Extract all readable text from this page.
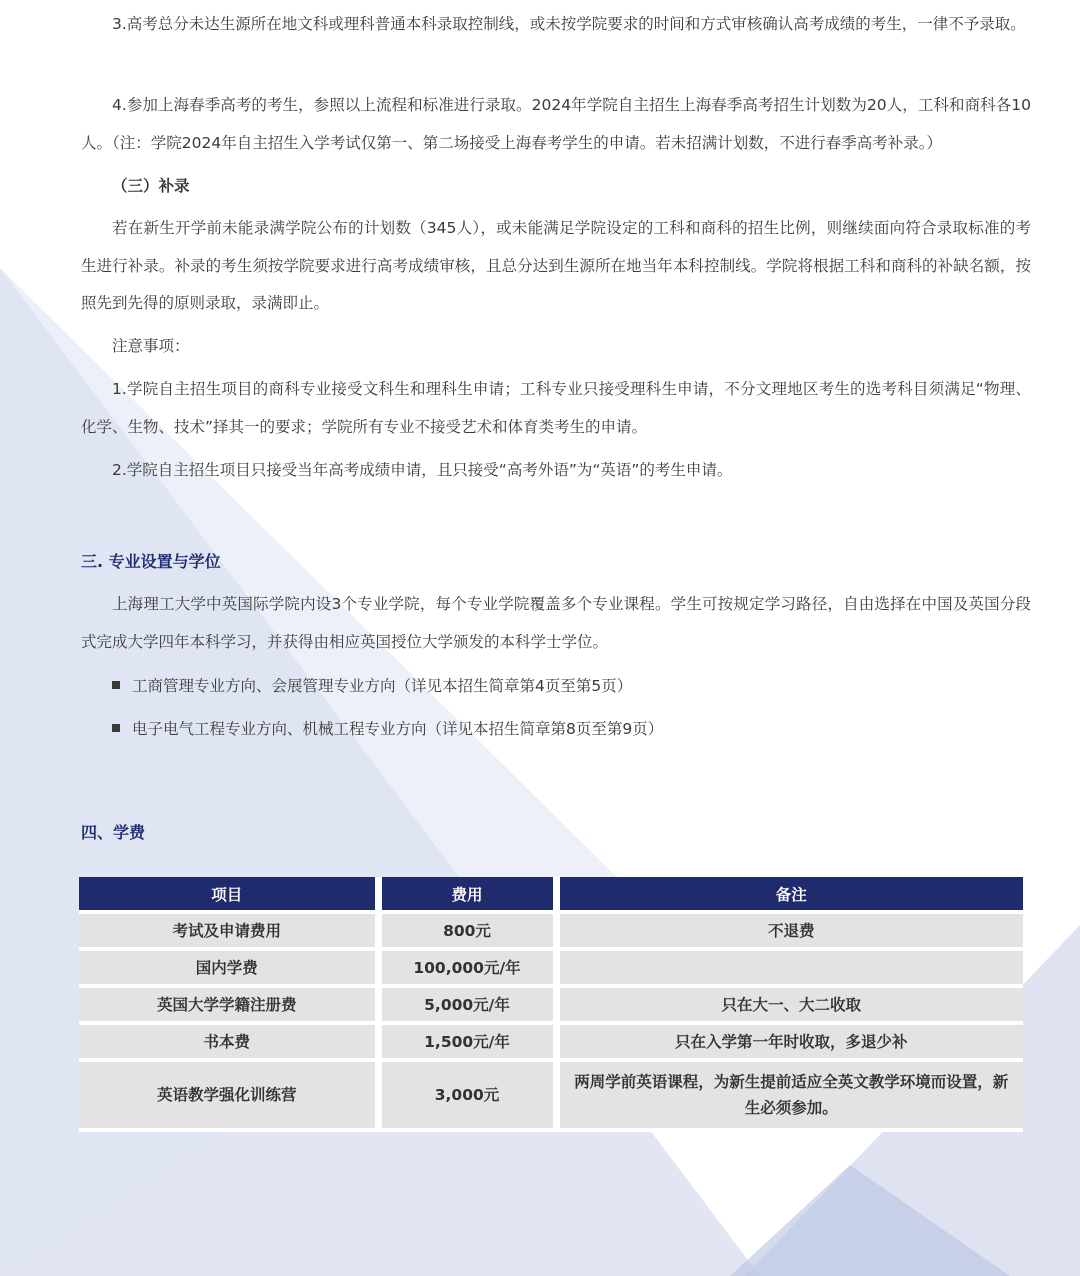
3.高考总分未达生源所在地文科或理科普通本科录取控制线，或未按学院要求的时间和方式审核确认高考成绩的考生，一律不予录取。

4.参加上海春季高考的考生，参照以上流程和标准进行录取。2024年学院自主招生上海春季高考招生计划数为20人，工科和商科各10人。（注：学院2024年自主招生入学考试仅第一、第二场接受上海春考学生的申请。若未招满计划数，不进行春季高考补录。）

（三）补录

若在新生开学前未能录满学院公布的计划数（345人），或未能满足学院设定的工科和商科的招生比例，则继续面向符合录取标准的考生进行补录。补录的考生须按学院要求进行高考成绩审核，且总分达到生源所在地当年本科控制线。学院将根据工科和商科的补缺名额，按照先到先得的原则录取，录满即止。

注意事项：

1.学院自主招生项目的商科专业接受文科生和理科生申请；工科专业只接受理科生申请，不分文理地区考生的选考科目须满足“物理、化学、生物、技术”择其一的要求；学院所有专业不接受艺术和体育类考生的申请。

2.学院自主招生项目只接受当年高考成绩申请，且只接受“高考外语”为“英语”的考生申请。

三. 专业设置与学位

上海理工大学中英国际学院内设3个专业学院，每个专业学院覆盖多个专业课程。学生可按规定学习路径，自由选择在中国及英国分段式完成大学四年本科学习，并获得由相应英国授位大学颁发的本科学士学位。

工商管理专业方向、会展管理专业方向（详见本招生简章第4页至第5页）

电子电气工程专业方向、机械工程专业方向（详见本招生简章第8页至第9页）

四、学费
项目	费用	备注
考试及申请费用	800元	不退费
国内学费	100,000元/年	
英国大学学籍注册费	5,000元/年	只在大一、大二收取
书本费	1,500元/年	只在入学第一年时收取，多退少补
英语教学强化训练营	3,000元	两周学前英语课程，为新生提前适应全英文教学环境而设置，新生必须参加。
